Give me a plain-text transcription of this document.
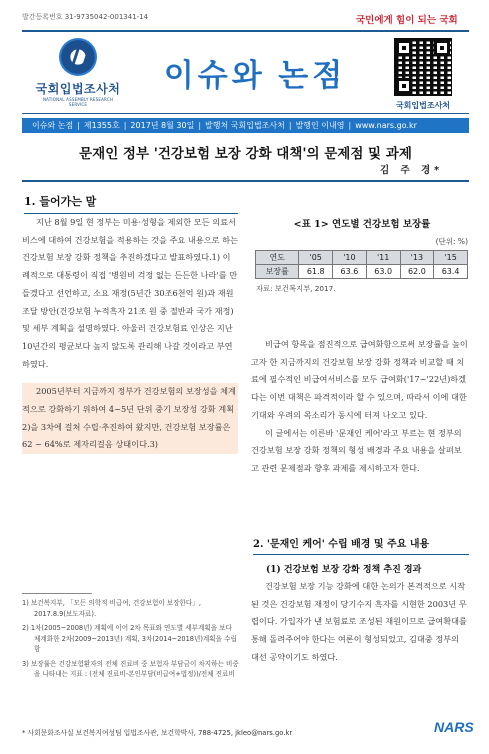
발간등록번호 31-9735042-001341-14	국민에게 힘이 되는 국회
국회입법조사처
NATIONAL ASSEMBLY RESEARCH SERVICE
이슈와 논점
국회입법조사처
이슈와 논점 | 제1355호 | 2017년 8월 30일 | 발행처 국회입법조사처 | 발행인 이내영 | www.nars.go.kr
문재인 정부 '건강보험 보장 강화 대책'의 문제점 및 과제
김 주 경*
1. 들어가는 말

지난 8월 9일 현 정부는 미용·성형을 제외한 모든 의료서비스에 대하여 건강보험을 적용하는 것을 주요 내용으로 하는 건강보험 보장 강화 정책을 추진하겠다고 발표하였다.1) 이례적으로 대통령이 직접 '병원비 걱정 없는 든든한 나라'를 만들겠다고 선언하고, 소요 재정(5년간 30조6천억 원)과 재원 조달 방안(건강보험 누적흑자 21조 원 중 절반과 국가 재정) 및 세부 계획을 설명하였다. 아울러 건강보험료 인상은 지난 10년간의 평균보다 높지 않도록 관리해 나갈 것이라고 부연하였다.

2005년부터 지금까지 정부가 건강보험의 보장성을 체계적으로 강화하기 위하여 4~5년 단위 중기 보장성 강화 계획2)을 3차에 걸쳐 수립·추진하여 왔지만, 건강보험 보장률은 62 ~ 64%로 제자리걸음 상태이다.3)

<표 1> 연도별 건강보험 보장률
(단위: %)
연도	'05	'10	'11	'13	'15
보장률	61.8	63.6	63.0	62.0	63.4
자료: 보건복지부, 2017.

비급여 항목을 점진적으로 급여화함으로써 보장률을 높이고자 한 지금까지의 건강보험 보장 강화 정책과 비교할 때 치료에 필수적인 비급여서비스를 모두 급여화('17~'22년)하겠다는 이번 대책은 파격적이라 할 수 있으며, 따라서 이에 대한 기대와 우려의 목소리가 동시에 터져 나오고 있다.

이 글에서는 이른바 '문재인 케어'라고 부르는 현 정부의 건강보험 보장 강화 정책의 형성 배경과 주요 내용을 살펴보고 관련 문제점과 향후 과제를 제시하고자 한다.

2. '문재인 케어' 수립 배경 및 주요 내용
(1) 건강보험 보장 강화 정책 추진 경과

건강보험 보장 기능 강화에 대한 논의가 본격적으로 시작된 것은 건강보험 재정이 당기수지 흑자를 시현한 2003년 무렵이다. 가입자가 낸 보험료로 조성된 재원이므로 급여확대를 통해 돌려주어야 한다는 여론이 형성되었고, 김대중 정부의 대선 공약이기도 하였다.

1) 보건복지부, 「모든 의학적 비급여, 건강보험이 보장한다」, 2017.8.9(보도자료).
2) 1차(2005~2008년) 계획에 이어 2차 목표와 연도별 세부계획을 보다 체계화한 2차(2009~2013년) 계획, 3차(2014~2018년)계획을 수립함
3) 보장률은 건강보험환자의 전체 진료비 중 보험자 부담금이 차지하는 비중을 나타내는 지표 : (전체 진료비-본인부담(비급여+법정))/전체 진료비
* 사회문화조사실 보건복지여성팀 입법조사관, 보건학박사, 788-4725, jkleo@nars.go.kr	NARS
